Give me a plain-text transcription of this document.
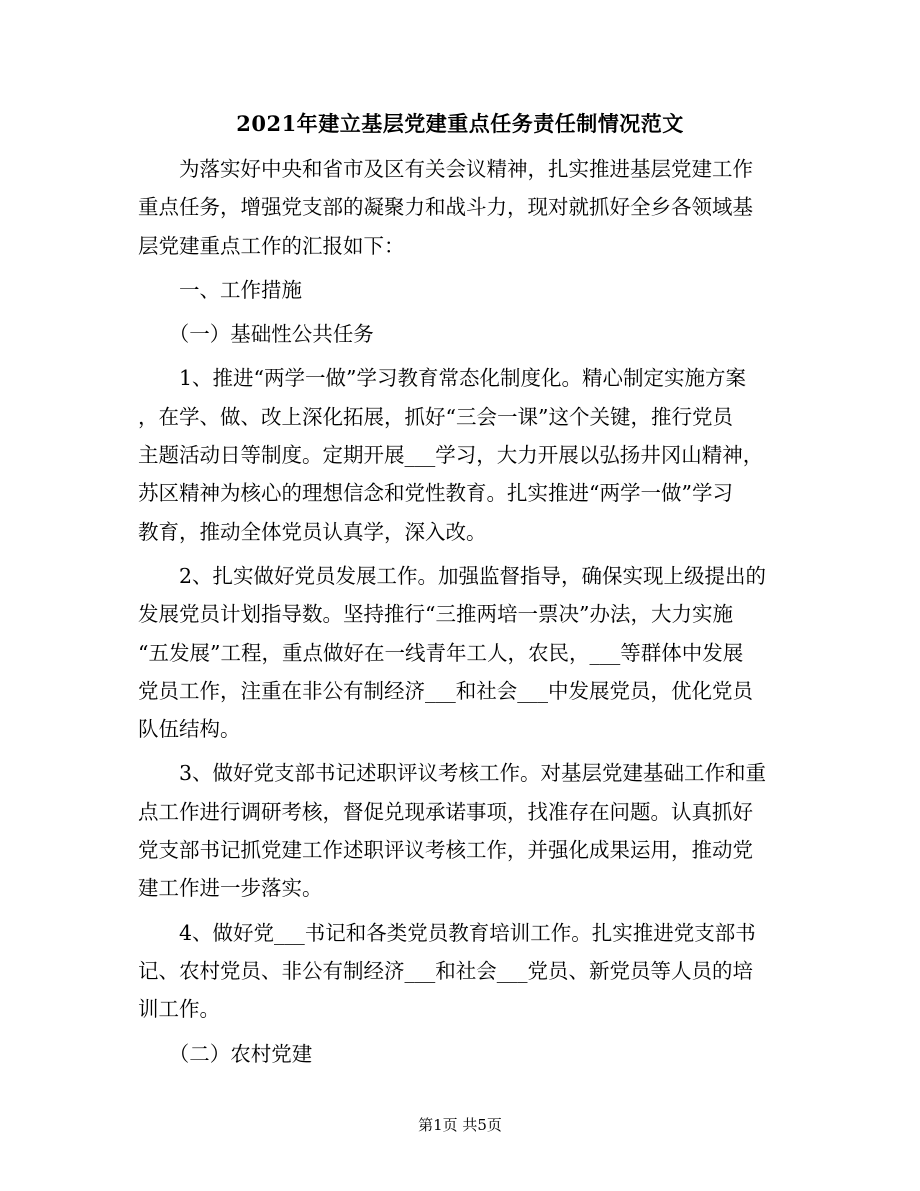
2021年建立基层党建重点任务责任制情况范文
　　为落实好中央和省市及区有关会议精神，扎实推进基层党建工作
重点任务，增强党支部的凝聚力和战斗力，现对就抓好全乡各领域基
层党建重点工作的汇报如下：
　　一、工作措施
　　（一）基础性公共任务
　　1、推进“两学一做”学习教育常态化制度化。精心制定实施方案
，在学、做、改上深化拓展，抓好“三会一课”这个关键，推行党员
主题活动日等制度。定期开展___学习，大力开展以弘扬井冈山精神，
苏区精神为核心的理想信念和党性教育。扎实推进“两学一做”学习
教育，推动全体党员认真学，深入改。
　　2、扎实做好党员发展工作。加强监督指导，确保实现上级提出的
发展党员计划指导数。坚持推行“三推两培一票决”办法，大力实施
“五发展”工程，重点做好在一线青年工人，农民，___等群体中发展
党员工作，注重在非公有制经济___和社会___中发展党员，优化党员
队伍结构。
　　3、做好党支部书记述职评议考核工作。对基层党建基础工作和重
点工作进行调研考核，督促兑现承诺事项，找准存在问题。认真抓好
党支部书记抓党建工作述职评议考核工作，并强化成果运用，推动党
建工作进一步落实。
　　4、做好党___书记和各类党员教育培训工作。扎实推进党支部书
记、农村党员、非公有制经济___和社会___党员、新党员等人员的培
训工作。
　　（二）农村党建
第1页 共5页
